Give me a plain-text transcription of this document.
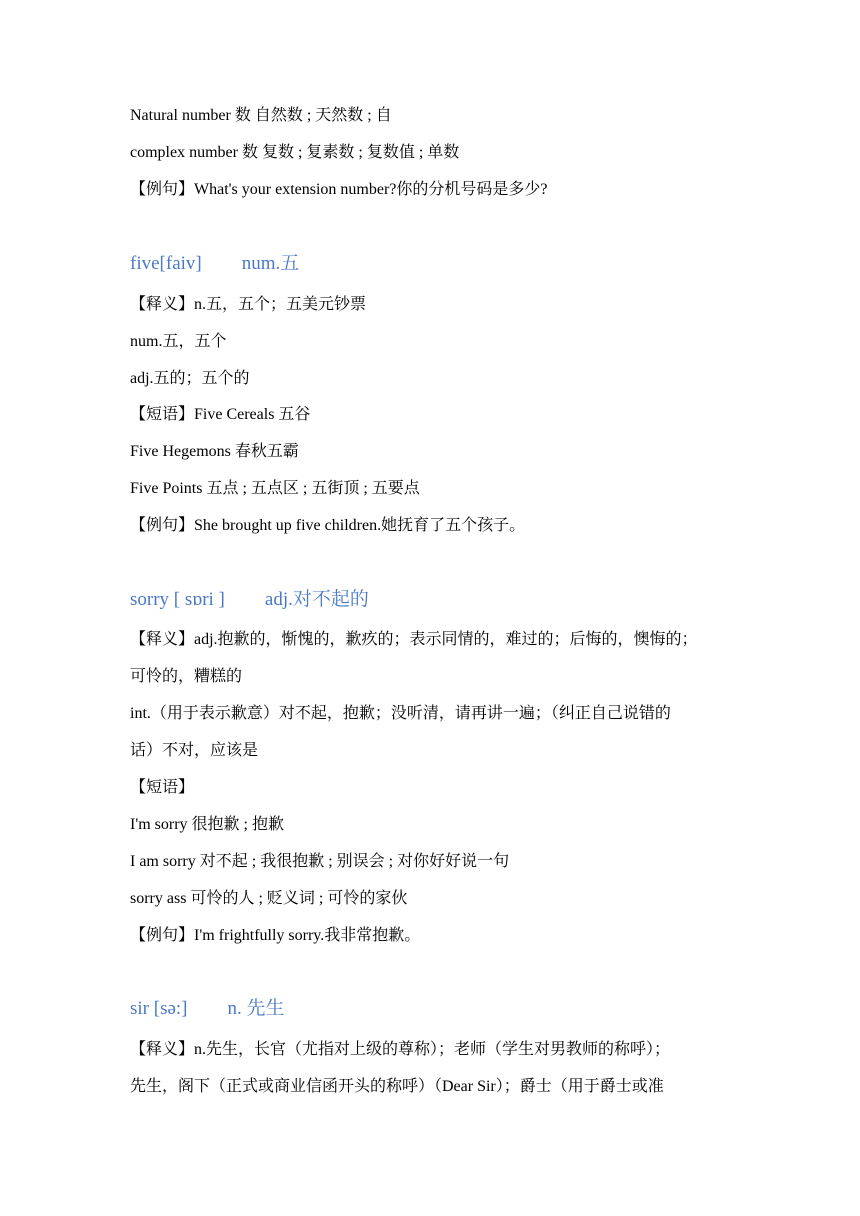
Natural number 数 自然数 ; 天然数 ; 自
complex number 数 复数 ; 复素数 ; 复数值 ; 单数
【例句】What's your extension number?你的分机号码是多少?
five[faiv] num.五
【释义】n.五，五个；五美元钞票
num.五，五个
adj.五的；五个的
【短语】Five Cereals 五谷
Five Hegemons 春秋五霸
Five Points 五点 ; 五点区 ; 五街顶 ; 五要点
【例句】She brought up five children.她抚育了五个孩子。
sorry [ sɒri ] adj.对不起的
【释义】adj.抱歉的，惭愧的，歉疚的；表示同情的，难过的；后悔的，懊悔的；
可怜的，糟糕的
int.（用于表示歉意）对不起，抱歉；没听清，请再讲一遍；（纠正自己说错的
话）不对，应该是
【短语】
I'm sorry 很抱歉 ; 抱歉
I am sorry 对不起 ; 我很抱歉 ; 别误会 ; 对你好好说一句
sorry ass 可怜的人 ; 贬义词 ; 可怜的家伙
【例句】I'm frightfully sorry.我非常抱歉。
sir [sə:] n. 先生
【释义】n.先生，长官（尤指对上级的尊称）；老师（学生对男教师的称呼）；
先生，阁下（正式或商业信函开头的称呼）（Dear Sir）；爵士（用于爵士或准
